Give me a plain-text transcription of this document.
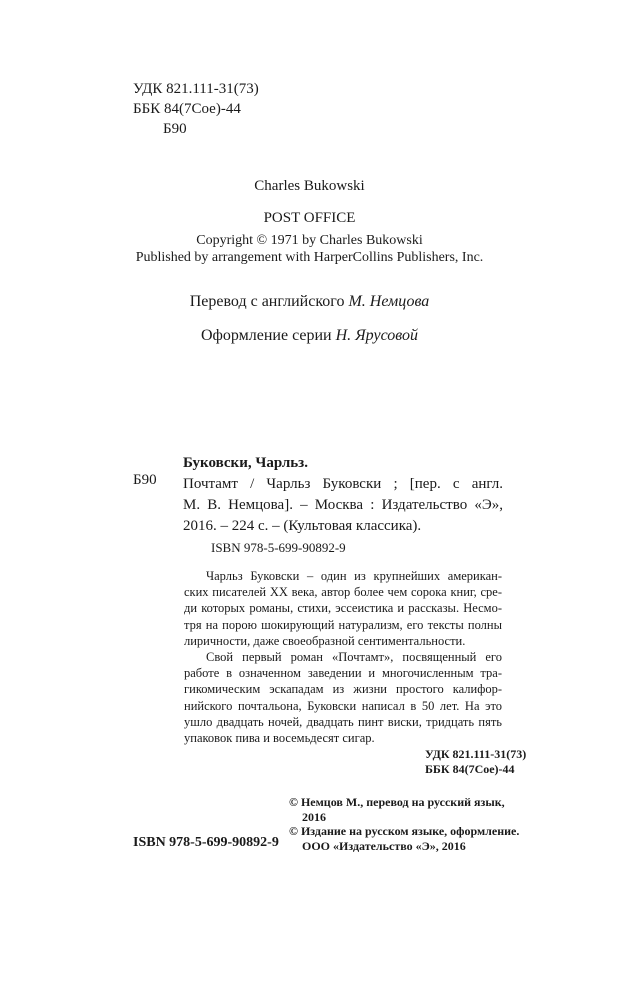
УДК 821.111-31(73)
ББК 84(7Сое)-44
Б90
Charles Bukowski
POST OFFICE
Copyright © 1971 by Charles Bukowski
Published by arrangement with HarperCollins Publishers, Inc.
Перевод с английского М. Немцова
Оформление серии Н. Ярусовой
Б90
Буковски, Чарльз.
Почтамт / Чарльз Буковски ; [пер. с англ.
М. В. Немцова]. – Москва : Издательство «Э»,
2016. – 224 с. – (Культовая классика).
ISBN 978-5-699-90892-9
Чарльз Буковски – один из крупнейших американ-
ских писателей XX века, автор более чем сорока книг, сре-
ди которых романы, стихи, эссеистика и рассказы. Несмо-
тря на порою шокирующий натурализм, его тексты полны
лиричности, даже своеобразной сентиментальности.
Свой первый роман «Почтамт», посвященный его
работе в означенном заведении и многочисленным тра-
гикомическим эскападам из жизни простого калифор-
нийского почтальона, Буковски написал в 50 лет. На это
ушло двадцать ночей, двадцать пинт виски, тридцать пять
упаковок пива и восемьдесят сигар.
УДК 821.111-31(73)
ББК 84(7Сое)-44
ISBN 978-5-699-90892-9
© Немцов М., перевод на русский язык,
2016
© Издание на русском языке, оформление.
ООО «Издательство «Э», 2016
